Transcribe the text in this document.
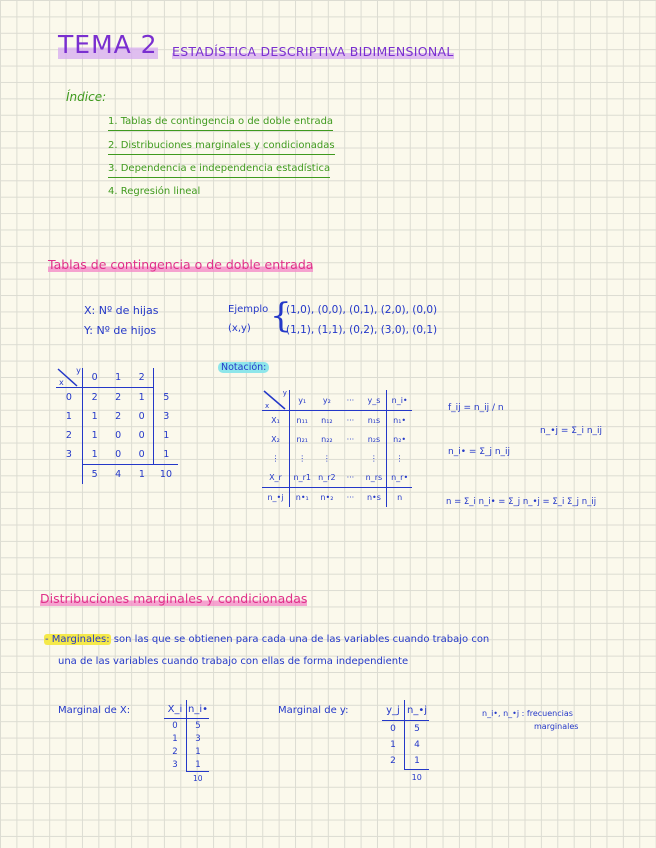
TEMA 2 ESTADÍSTICA DESCRIPTIVA BIDIMENSIONAL
Índice:
1. Tablas de contingencia o de doble entrada
2. Distribuciones marginales y condicionadas
3. Dependencia e independencia estadística
4. Regresión lineal
Tablas de contingencia o de doble entrada
X: Nº de hijas
Y: Nº de hijos
Ejemplo
(x,y) {
(1,0), (0,0), (0,1), (2,0), (0,0)
(1,1), (1,1), (0,2), (3,0), (0,1)
x
y	0	1	2	
0	2	2	1	5
1	1	2	0	3
2	1	0	0	1
3	1	0	0	1
	5	4	1	10
Notación:
x
y	y₁	y₂	···	y_s	n_i•
X₁	n₁₁	n₁₂	···	n₁s	n₁•
X₂	n₂₁	n₂₂	···	n₂s	n₂•
⋮	⋮	⋮		⋮	⋮
X_r	n_r1	n_r2	···	n_rs	n_r•
n_•j	n•₁	n•₂	···	n•s	n
f_ij = n_ij / n
n_i• = Σ_j n_ij
n_•j = Σ_i n_ij
n = Σ_i n_i• = Σ_j n_•j = Σ_i Σ_j n_ij
Distribuciones marginales y condicionadas
- Marginales: son las que se obtienen para cada una de las variables cuando trabajo con
una de las variables cuando trabajo con ellas de forma independiente
Marginal de X:	X_i	n_i•
0	5
1	3
2	1
3	1
	10
Marginal de y:	y_j	n_•j
0	5
1	4
2	1
	10
n_i•, n_•j : frecuencias
marginales
